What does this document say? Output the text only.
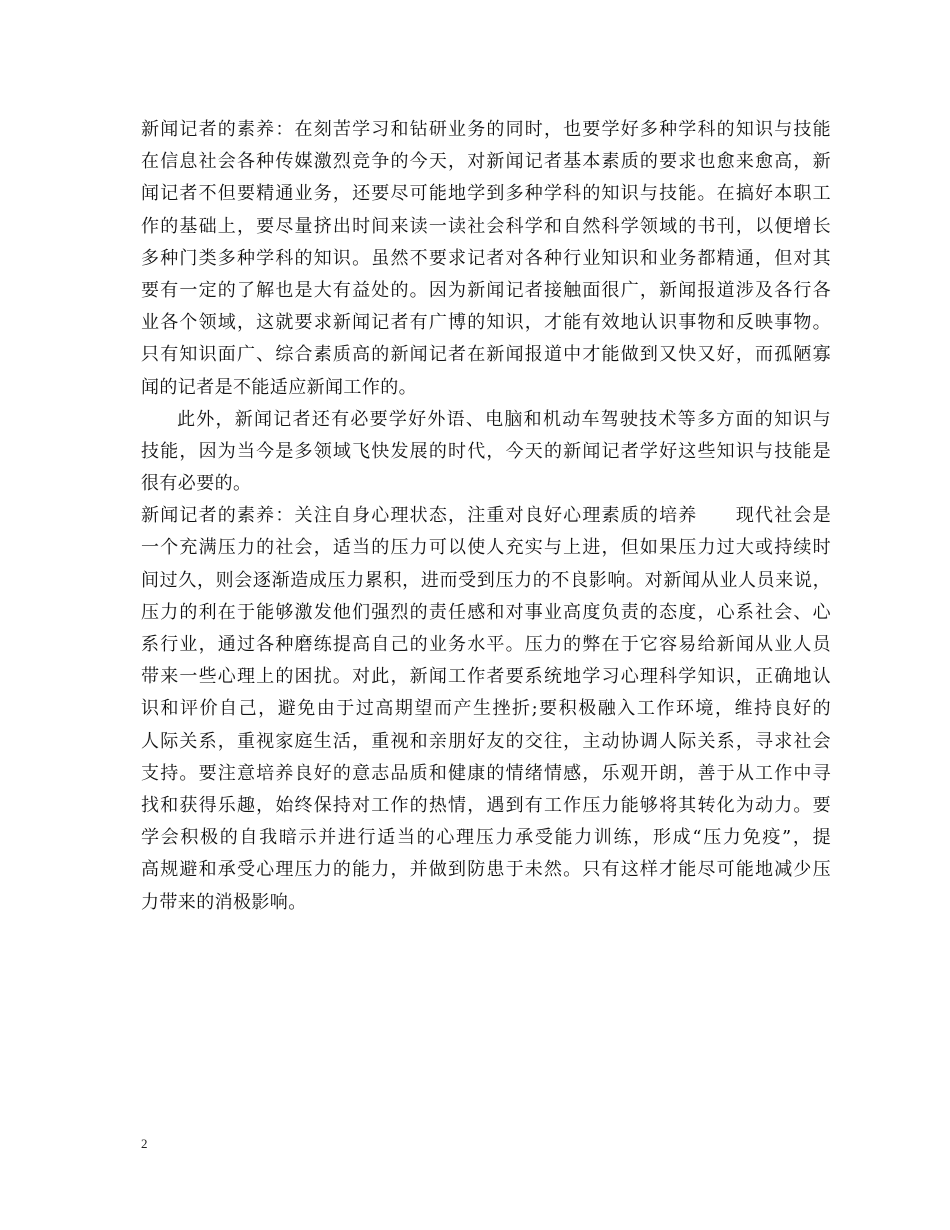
新闻记者的素养：在刻苦学习和钻研业务的同时，也要学好多种学科的知识与技能
在信息社会各种传媒激烈竞争的今天，对新闻记者基本素质的要求也愈来愈高，新
闻记者不但要精通业务，还要尽可能地学到多种学科的知识与技能。在搞好本职工
作的基础上，要尽量挤出时间来读一读社会科学和自然科学领域的书刊，以便增长
多种门类多种学科的知识。虽然不要求记者对各种行业知识和业务都精通，但对其
要有一定的了解也是大有益处的。因为新闻记者接触面很广，新闻报道涉及各行各
业各个领域，这就要求新闻记者有广博的知识，才能有效地认识事物和反映事物。
只有知识面广、综合素质高的新闻记者在新闻报道中才能做到又快又好，而孤陋寡
闻的记者是不能适应新闻工作的。
此外，新闻记者还有必要学好外语、电脑和机动车驾驶技术等多方面的知识与
技能，因为当今是多领域飞快发展的时代，今天的新闻记者学好这些知识与技能是
很有必要的。
新闻记者的素养：关注自身心理状态，注重对良好心理素质的培养　　现代社会是
一个充满压力的社会，适当的压力可以使人充实与上进，但如果压力过大或持续时
间过久，则会逐渐造成压力累积，进而受到压力的不良影响。对新闻从业人员来说，
压力的利在于能够激发他们强烈的责任感和对事业高度负责的态度，心系社会、心
系行业，通过各种磨练提高自己的业务水平。压力的弊在于它容易给新闻从业人员
带来一些心理上的困扰。对此，新闻工作者要系统地学习心理科学知识，正确地认
识和评价自己，避免由于过高期望而产生挫折;要积极融入工作环境，维持良好的
人际关系，重视家庭生活，重视和亲朋好友的交往，主动协调人际关系，寻求社会
支持。要注意培养良好的意志品质和健康的情绪情感，乐观开朗，善于从工作中寻
找和获得乐趣，始终保持对工作的热情，遇到有工作压力能够将其转化为动力。要
学会积极的自我暗示并进行适当的心理压力承受能力训练，形成“压力免疫”，提
高规避和承受心理压力的能力，并做到防患于未然。只有这样才能尽可能地减少压
力带来的消极影响。
2
